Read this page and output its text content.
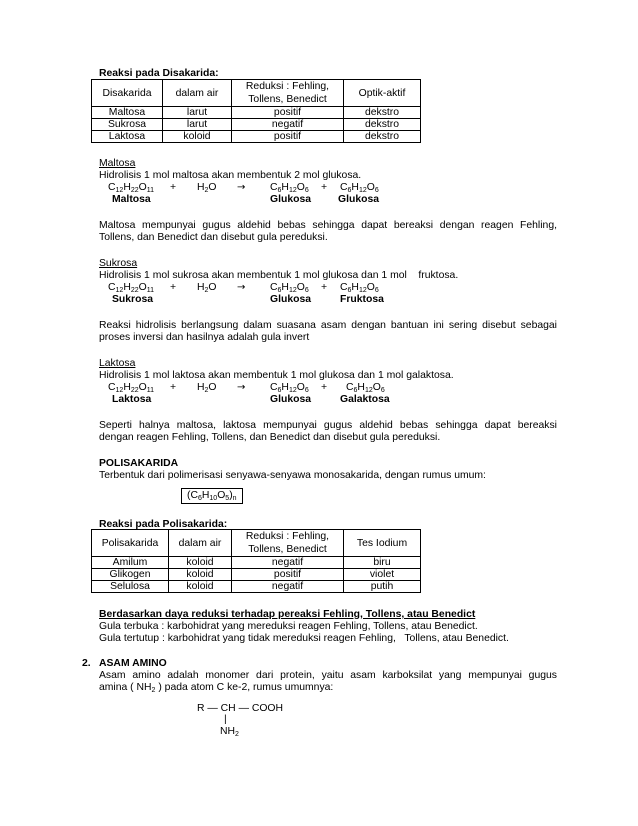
Reaksi pada Disakarida:
Disakarida	dalam air	Reduksi : Fehling,
Tollens, Benedict	Optik-aktif
Maltosa	larut	positif	dekstro
Sukrosa	larut	negatif	dekstro
Laktosa	koloid	positif	dekstro
Maltosa
Hidrolisis 1 mol maltosa akan membentuk 2 mol glukosa.
$C_{12}H_{22}O_{11} + H_2O \to C_6H_{12}O_6 + C_6H_{12}O_6$
Maltosa	Glukosa	Glukosa
Maltosa mempunyai gugus aldehid bebas sehingga dapat bereaksi dengan reagen Fehling,
Tollens, dan Benedict dan disebut gula pereduksi.
Sukrosa
Hidrolisis 1 mol sukrosa akan membentuk 1 mol glukosa dan 1 mol    fruktosa.
$C_{12}H_{22}O_{11} + H_2O \to C_6H_{12}O_6 + C_6H_{12}O_6$
Sukrosa	Glukosa	Fruktosa
Reaksi hidrolisis berlangsung dalam suasana asam dengan bantuan ini sering disebut sebagai
proses inversi dan hasilnya adalah gula invert
Laktosa
Hidrolisis 1 mol laktosa akan membentuk 1 mol glukosa dan 1 mol galaktosa.
$C_{12}H_{22}O_{11} + H_2O \to C_6H_{12}O_6 + C_6H_{12}O_6$
Laktosa	Glukosa	Galaktosa
Seperti halnya maltosa, laktosa mempunyai gugus aldehid bebas sehingga dapat bereaksi
dengan reagen Fehling, Tollens, dan Benedict dan disebut gula pereduksi.
POLISAKARIDA
Terbentuk dari polimerisasi senyawa-senyawa monosakarida, dengan rumus umum:
$(C_6H_{10}O_5)_n$
Reaksi pada Polisakarida:
Polisakarida	dalam air	Reduksi : Fehling,
Tollens, Benedict	Tes Iodium
Amilum	koloid	negatif	biru
Glikogen	koloid	positif	violet
Selulosa	koloid	negatif	putih
Berdasarkan daya reduksi terhadap pereaksi Fehling, Tollens, atau Benedict
Gula terbuka : karbohidrat yang mereduksi reagen Fehling, Tollens, atau Benedict.
Gula tertutup : karbohidrat yang tidak mereduksi reagen Fehling,   Tollens, atau Benedict.
2. ASAM AMINO
Asam amino adalah monomer dari protein, yaitu asam karboksilat yang mempunyai gugus
amina ( $NH_2$ ) pada atom C ke-2, rumus umumnya:
R — CH — COOH
|
$NH_2$
